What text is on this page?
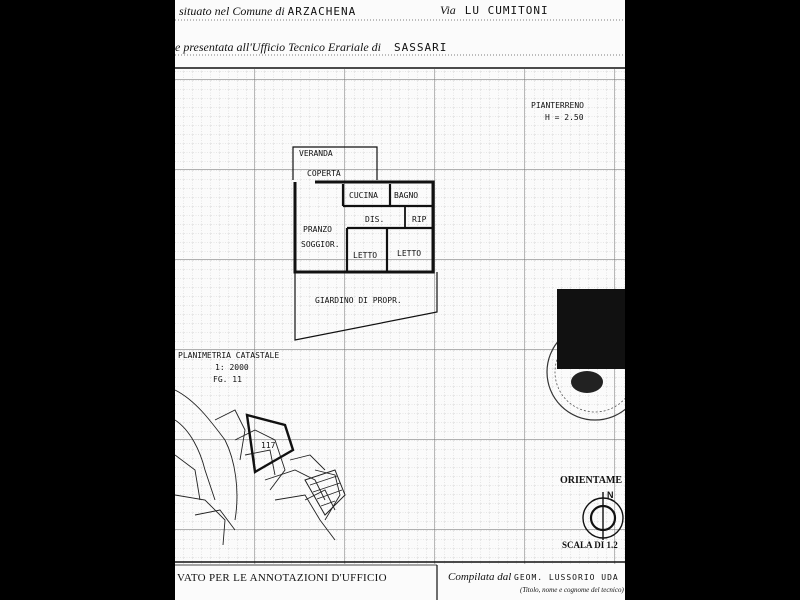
situato nel Comune di ARZACHENA	Via LU CUMITONI
e presentata all'Ufficio Tecnico Erariale di SASSARI
VERANDA
COPERTA
CUCINA BAGNO
DIS.	RIP
PRANZO
SOGGIOR.
LETTO LETTO
GIARDINO DI PROPR.
PIANTERRENO
H = 2.50
PLANIMETRIA CATASTALE
1: 2000
FG. 11
117
N
ORIENTAME
SCALA DI 1.2
VATO PER LE ANNOTAZIONI D'UFFICIO	Compilata dal GEOM. LUSSORIO UDA
(Titolo, nome e cognome del tecnico)
